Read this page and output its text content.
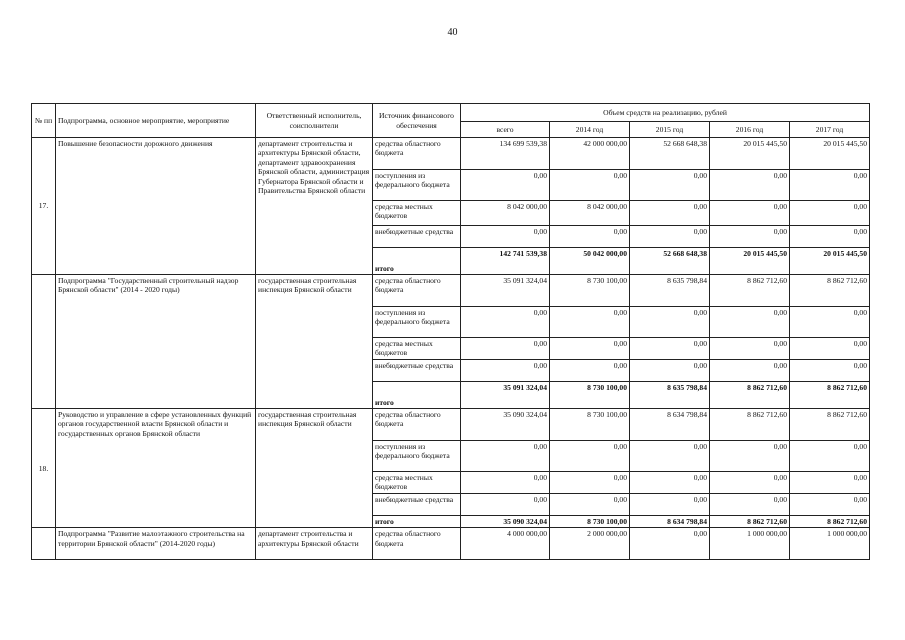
40
№ пп	Подпрограмма, основное мероприятие, мероприятие	Ответственный исполнитель, соисполнители	Источник финансового обеспечения	Объем средств на реализацию, рублей				
				всего	2014 год	2015 год	2016 год	2017 год
17.	Повышение безопасности дорожного движения	департамент строительства и архитектуры Брянской области, департамент здравоохранения Брянской области, администрация Губернатора Брянской области и Правительства Брянской области	средства областного бюджета	134 699 539,38	42 000 000,00	52 668 648,38	20 015 445,50	20 015 445,50
			поступления из федерального бюджета	0,00	0,00	0,00	0,00	0,00
			средства местных бюджетов	8 042 000,00	8 042 000,00	0,00	0,00	0,00
			внебюджетные средства	0,00	0,00	0,00	0,00	0,00
			итого	142 741 539,38	50 042 000,00	52 668 648,38	20 015 445,50	20 015 445,50
	Подпрограмма "Государственный строительный надзор Брянской области" (2014 - 2020 годы)	государственная строительная инспекция Брянской области	средства областного бюджета	35 091 324,04	8 730 100,00	8 635 798,84	8 862 712,60	8 862 712,60
			поступления из федерального бюджета	0,00	0,00	0,00	0,00	0,00
			средства местных бюджетов	0,00	0,00	0,00	0,00	0,00
			внебюджетные средства	0,00	0,00	0,00	0,00	0,00
			итого	35 091 324,04	8 730 100,00	8 635 798,84	8 862 712,60	8 862 712,60
18.	Руководство и управление в сфере установленных функций органов государственной власти Брянской области и государственных органов Брянской области	государственная строительная инспекция Брянской области	средства областного бюджета	35 090 324,04	8 730 100,00	8 634 798,84	8 862 712,60	8 862 712,60
			поступления из федерального бюджета	0,00	0,00	0,00	0,00	0,00
			средства местных бюджетов	0,00	0,00	0,00	0,00	0,00
			внебюджетные средства	0,00	0,00	0,00	0,00	0,00
			итого	35 090 324,04	8 730 100,00	8 634 798,84	8 862 712,60	8 862 712,60
	Подпрограмма "Развитие малоэтажного строительства на территории Брянской области" (2014-2020 годы)	департамент строительства и архитектуры Брянской области	средства областного бюджета	4 000 000,00	2 000 000,00	0,00	1 000 000,00	1 000 000,00
